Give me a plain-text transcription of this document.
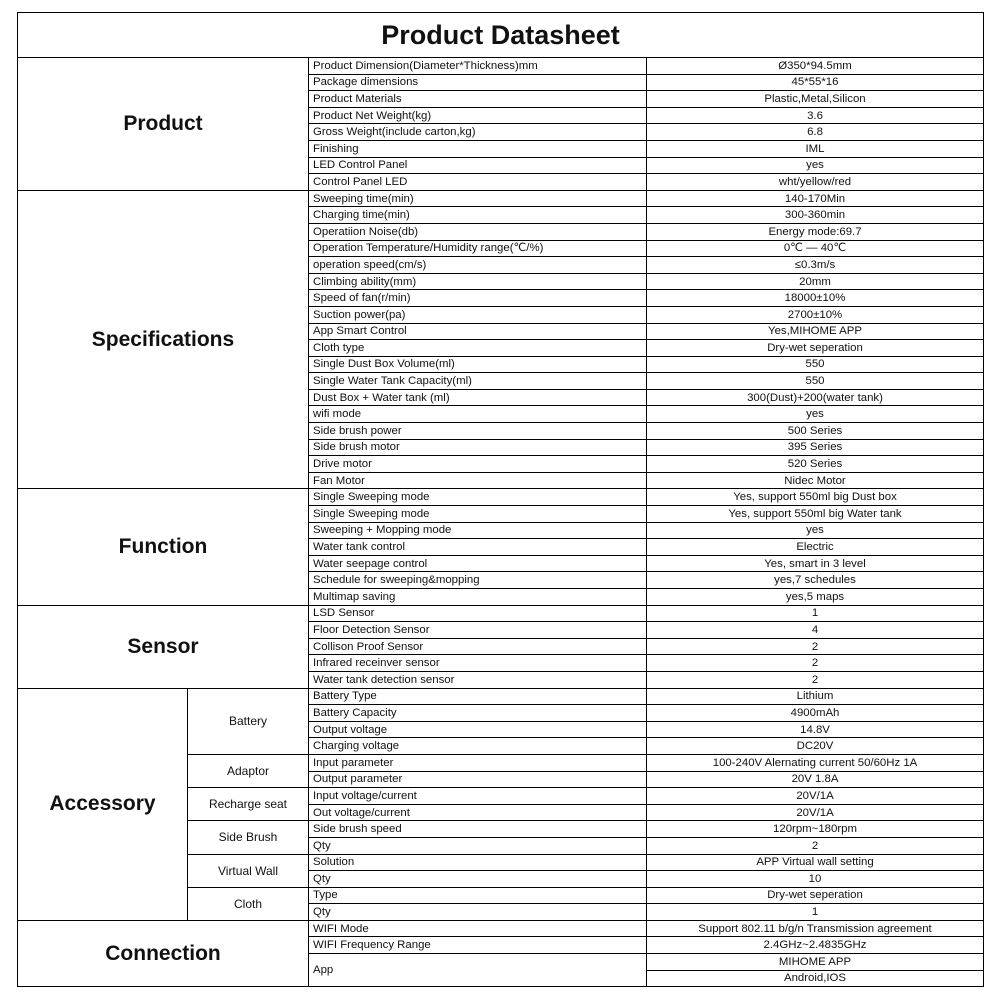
Product Datasheet			
Product		Product Dimension(Diameter*Thickness)mm	Ø350*94.5mm
		Package dimensions	45*55*16
		Product Materials	Plastic,Metal,Silicon
		Product Net Weight(kg)	3.6
		Gross Weight(include carton,kg)	6.8
		Finishing	IML
		LED Control Panel	yes
		Control Panel LED	wht/yellow/red
Specifications		Sweeping time(min)	140-170Min
		Charging time(min)	300-360min
		Operatiion Noise(db)	Energy mode:69.7
		Operation Temperature/Humidity range(℃/%)	0℃ — 40℃
		operation speed(cm/s)	≤0.3m/s
		Climbing ability(mm)	20mm
		Speed of fan(r/min)	18000±10%
		Suction power(pa)	2700±10%
		App Smart Control	Yes,MIHOME APP
		Cloth type	Dry-wet seperation
		Single Dust Box Volume(ml)	550
		Single Water Tank Capacity(ml)	550
		Dust Box + Water tank (ml)	300(Dust)+200(water tank)
		wifi mode	yes
		Side brush power	500 Series
		Side brush motor	395 Series
		Drive motor	520 Series
		Fan Motor	Nidec Motor
Function		Single Sweeping mode	Yes, support 550ml big Dust box
		Single Sweeping mode	Yes, support 550ml big Water tank
		Sweeping + Mopping mode	yes
		Water tank control	Electric
		Water seepage control	Yes, smart in 3 level
		Schedule for sweeping&mopping	yes,7 schedules
		Multimap saving	yes,5 maps
Sensor		LSD Sensor	1
		Floor Detection Sensor	4
		Collison Proof Sensor	2
		Infrared receinver sensor	2
		Water tank detection sensor	2
Accessory	Battery	Battery Type	Lithium
		Battery Capacity	4900mAh
		Output voltage	14.8V
		Charging voltage	DC20V
	Adaptor	Input parameter	100-240V Alernating current 50/60Hz 1A
		Output parameter	20V 1.8A
	Recharge seat	Input voltage/current	20V/1A
		Out voltage/current	20V/1A
	Side Brush	Side brush speed	120rpm~180rpm
		Qty	2
	Virtual Wall	Solution	APP Virtual wall setting
		Qty	10
	Cloth	Type	Dry-wet seperation
		Qty	1
Connection		WIFI Mode	Support 802.11 b/g/n Transmission agreement
		WIFI Frequency Range	2.4GHz~2.4835GHz
		App	MIHOME APP
			Android,IOS
